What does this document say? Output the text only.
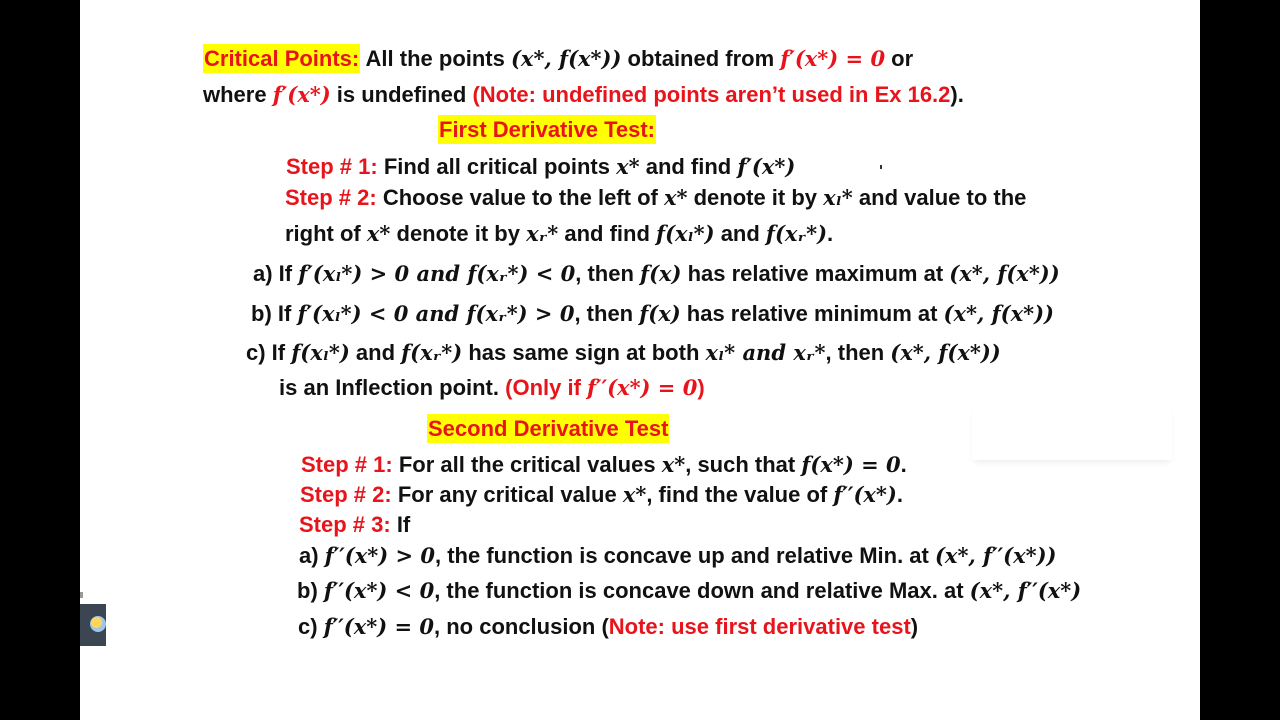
Critical Points: All the points (x*, f(x*)) obtained from f′(x*) = 0 or
where f′(x*) is undefined (Note: undefined points aren’t used in Ex 16.2).
First Derivative Test:
Step # 1: Find all critical points x* and find f′(x*)
Step # 2: Choose value to the left of x* denote it by xₗ* and value to the
right of x* denote it by xᵣ* and find f(xₗ*) and f(xᵣ*).
a) If f′(xₗ*) > 0 and f(xᵣ*) < 0, then f(x) has relative maximum at (x*, f(x*))
b) If f′(xₗ*) < 0 and f(xᵣ*) > 0, then f(x) has relative minimum at (x*, f(x*))
c) If f(xₗ*) and f(xᵣ*) has same sign at both xₗ* and xᵣ*, then (x*, f(x*))
is an Inflection point. (Only if f′′(x*) = 0)
Second Derivative Test
Step # 1: For all the critical values x*, such that f(x*) = 0.
Step # 2: For any critical value x*, find the value of f′′(x*).
Step # 3: If
a) f′′(x*) > 0, the function is concave up and relative Min. at (x*, f′′(x*))
b) f′′(x*) < 0, the function is concave down and relative Max. at (x*, f′′(x*)
c) f′′(x*) = 0, no conclusion (Note: use first derivative test)
